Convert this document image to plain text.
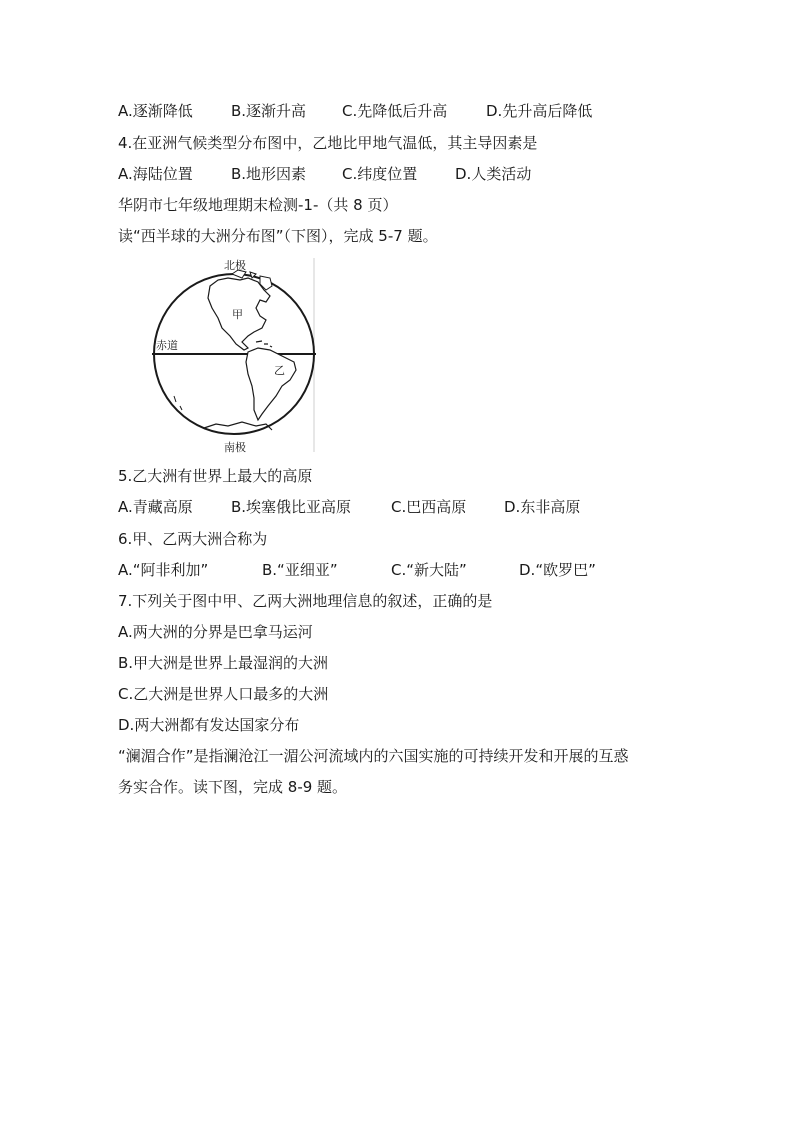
A.逐渐降低	B.逐渐升高 C.先降低后升高	D.先升高后降低
4.在亚洲气候类型分布图中，乙地比甲地气温低，其主导因素是
A.海陆位置	B.地形因素 C.纬度位置	D.人类活动
华阴市七年级地理期末检测-1-（共 8 页）
读“西半球的大洲分布图”（下图），完成 5-7 题。
北极
南极
赤道
甲
乙
5.乙大洲有世界上最大的高原
A.青藏高原	B.埃塞俄比亚高原	C.巴西高原	D.东非高原
6.甲、乙两大洲合称为
A.“阿非利加”	B.“亚细亚”	C.“新大陆”	D.“欧罗巴”
7.下列关于图中甲、乙两大洲地理信息的叙述，正确的是
A.两大洲的分界是巴拿马运河
B.甲大洲是世界上最湿润的大洲
C.乙大洲是世界人口最多的大洲
D.两大洲都有发达国家分布
“澜湄合作”是指澜沧江一湄公河流域内的六国实施的可持续开发和开展的互惑
务实合作。读下图，完成 8-9 题。
